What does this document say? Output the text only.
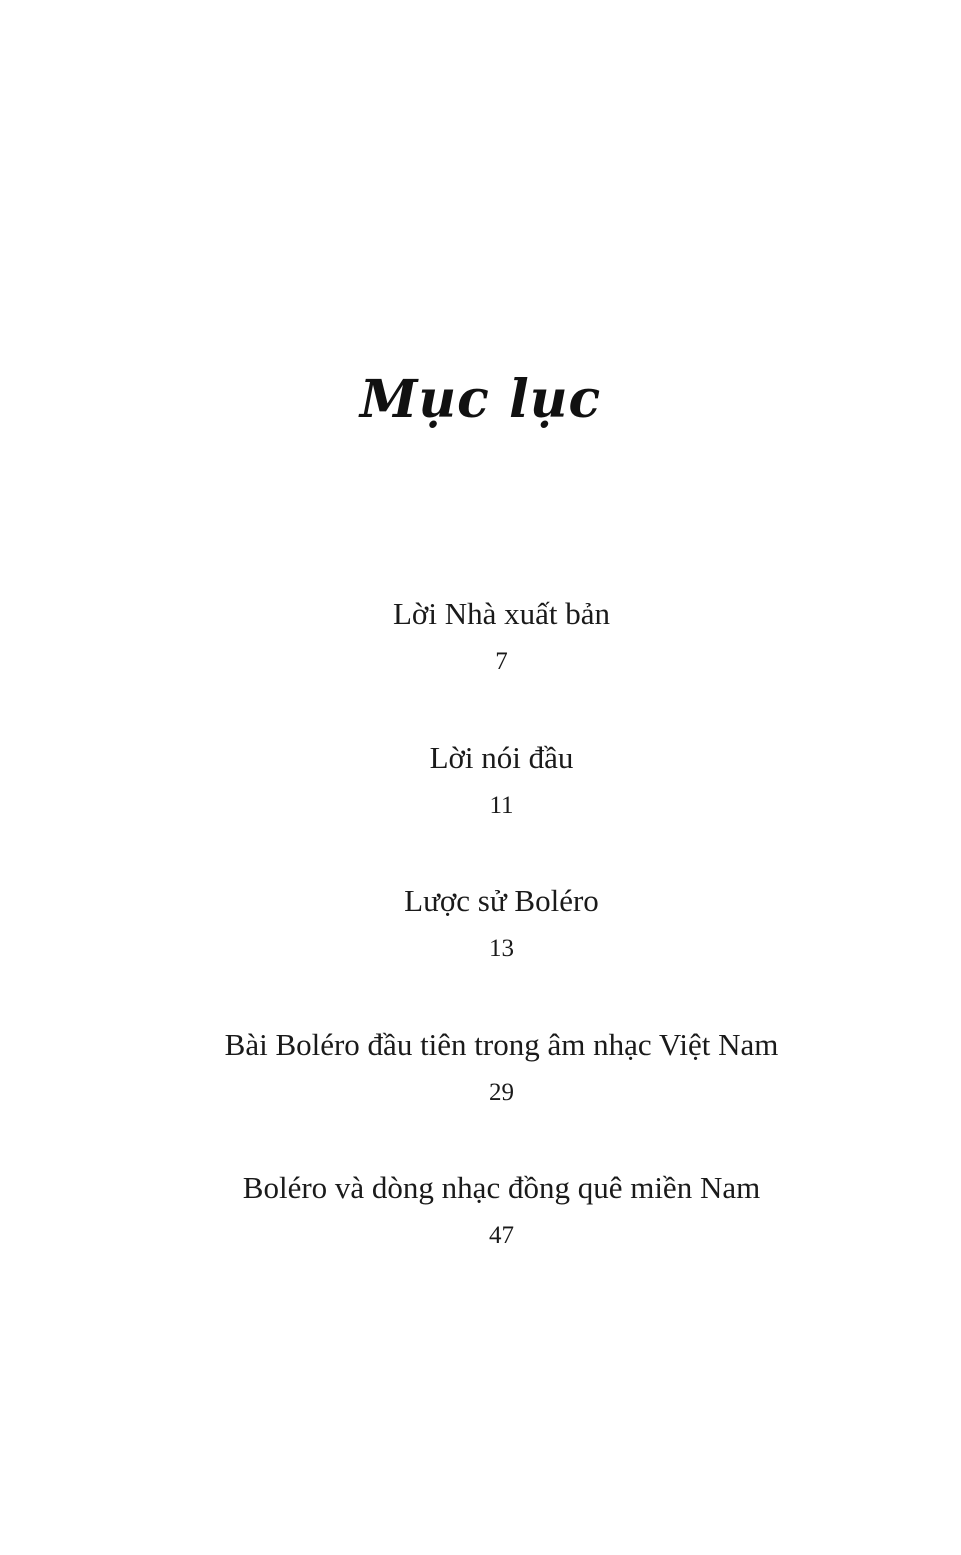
Mục lục
Lời Nhà xuất bản
7
Lời nói đầu
11
Lược sử Boléro
13
Bài Boléro đầu tiên trong âm nhạc Việt Nam
29
Boléro và dòng nhạc đồng quê miền Nam
47
